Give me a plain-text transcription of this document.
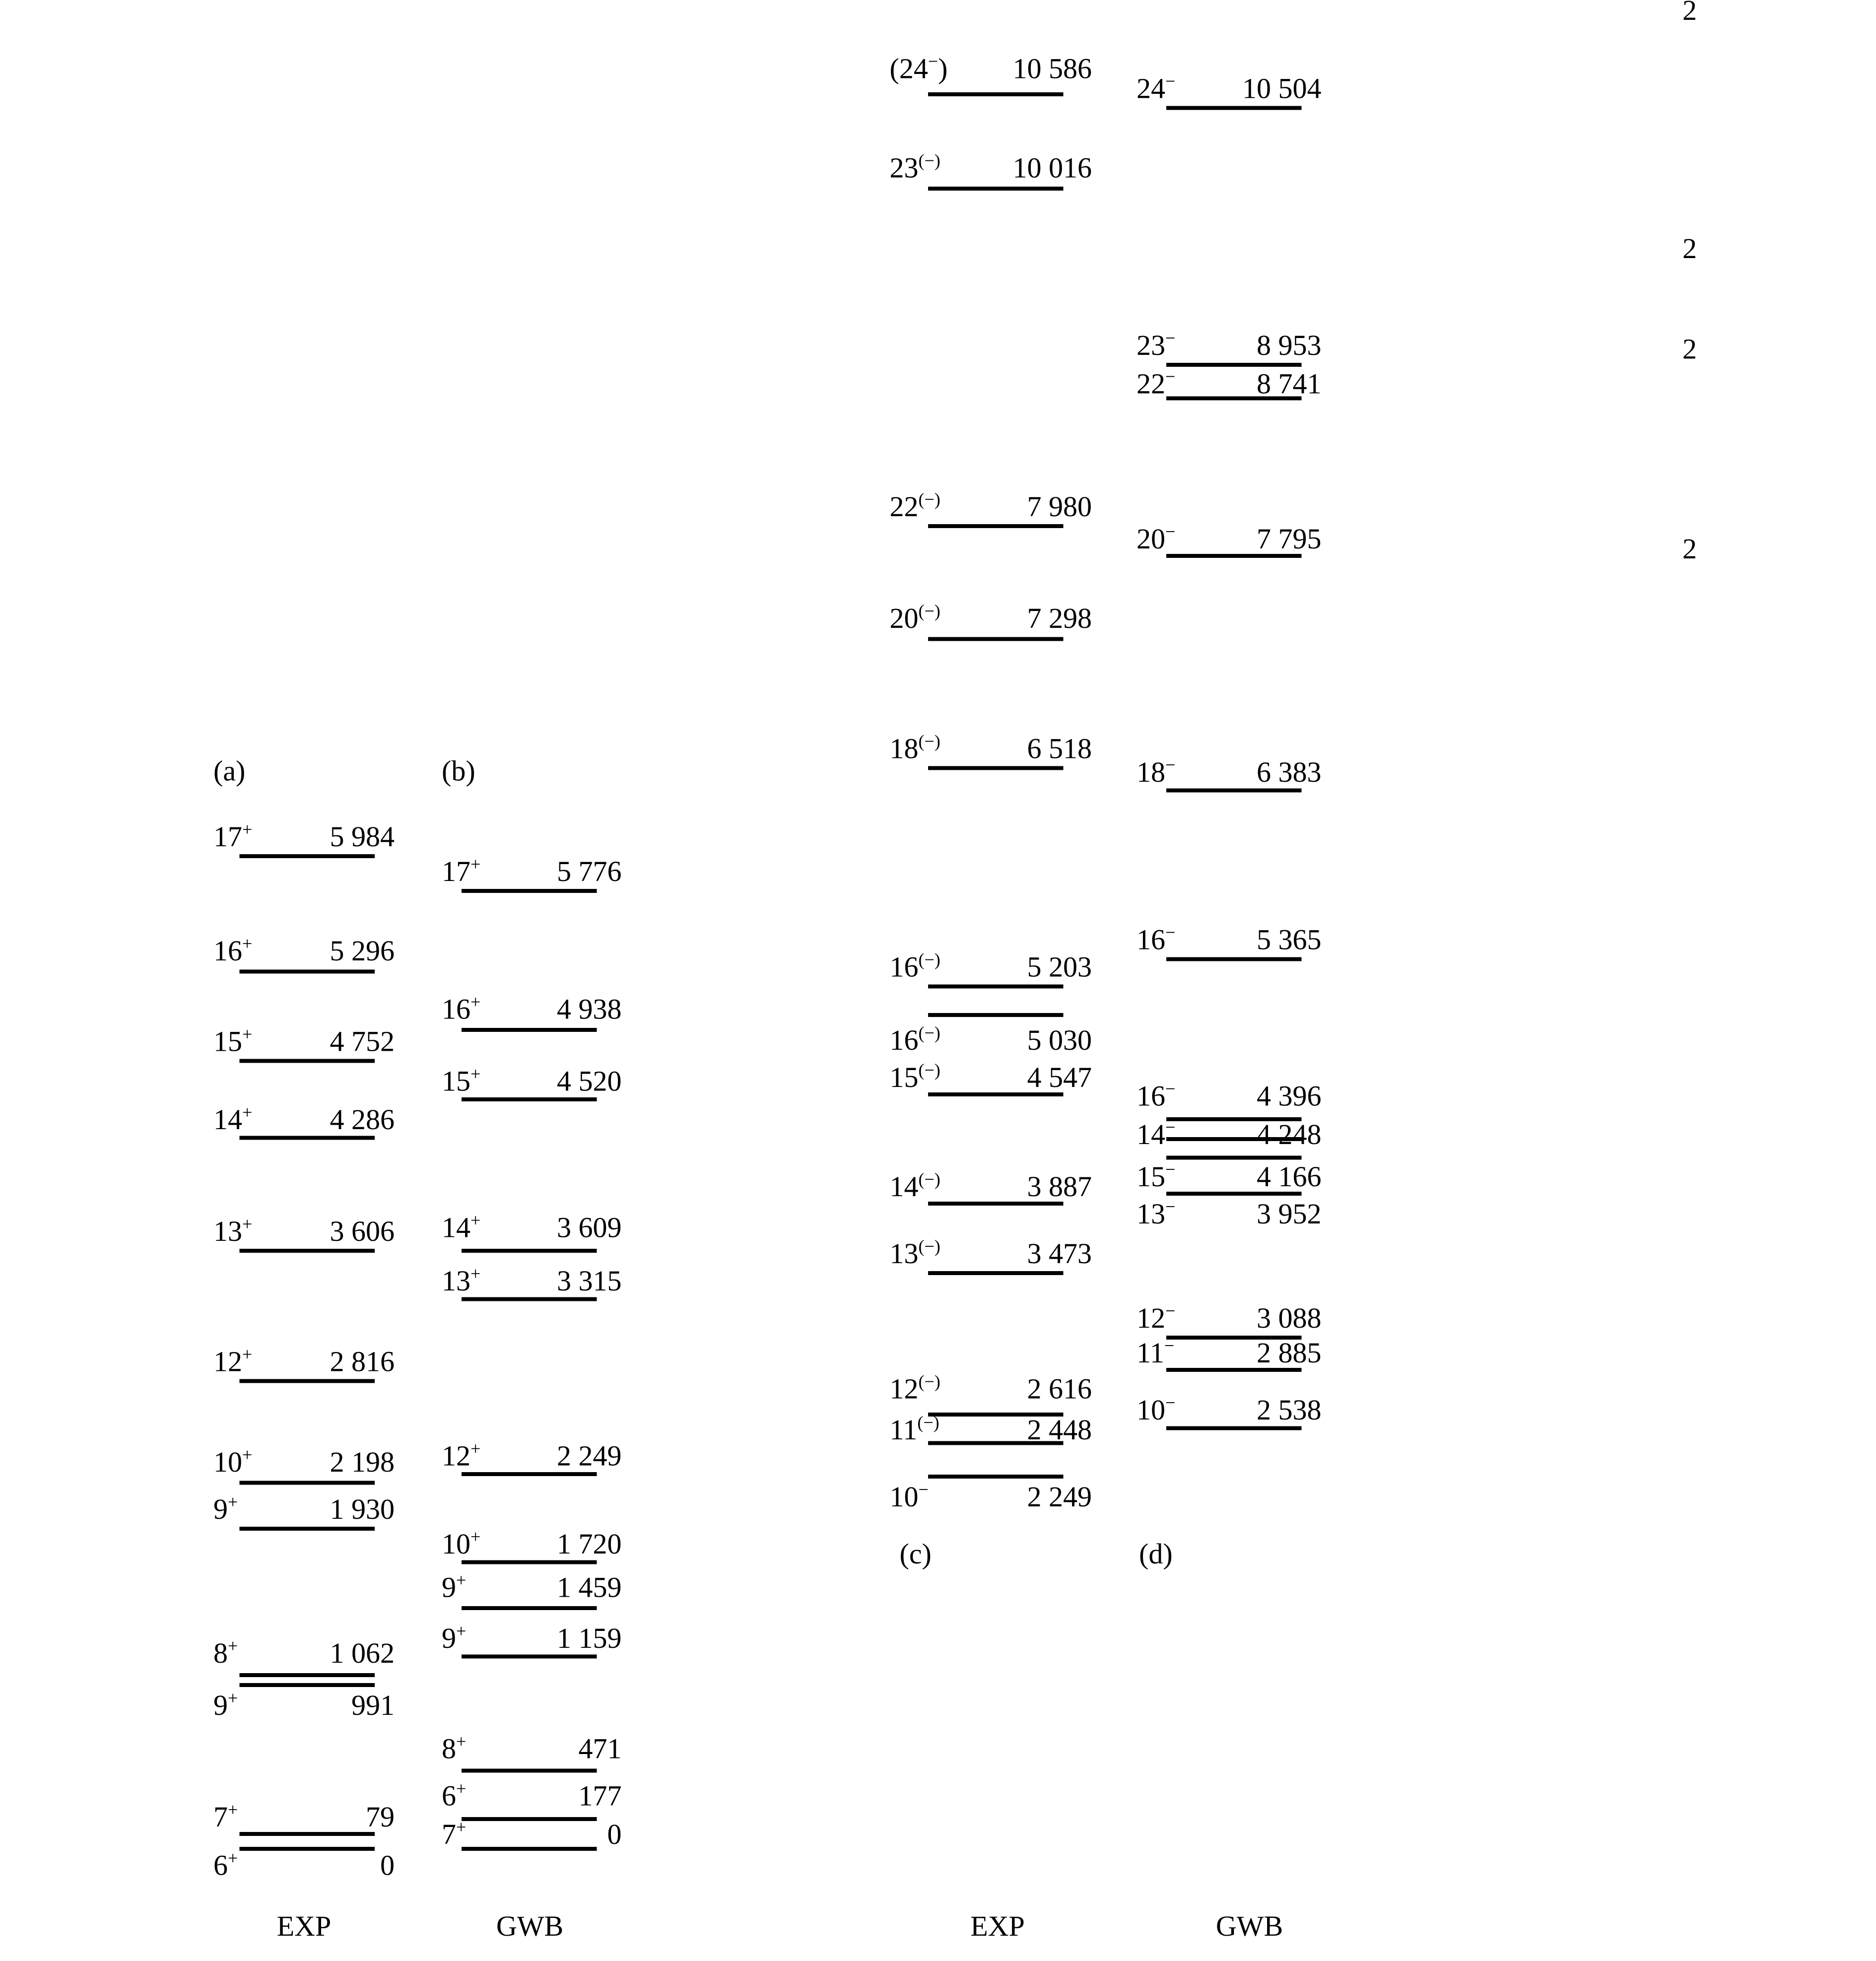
(a)
EXP
17+	5 984
16+	5 296
15+	4 752
14+	4 286
13+	3 606
12+	2 816
10+	2 198
9+	1 930
8+	1 062
9+	991
7+	79
6+	0
(b)
GWB
17+	5 776
16+	4 938
15+	4 520
14+	3 609
13+	3 315
12+	2 249
10+	1 720
9+	1 459
9+	1 159
8+	471
6+	177
7+	0
(c)
EXP
(24−) 10 586
23(−)	10 016
22(−)	7 980
20(−)	7 298
18(−)	6 518
16(−)	5 203
16(−)	5 030
15(−)	4 547
14(−)	3 887
13(−)	3 473
12(−)	2 616
11(−)	2 448
10−	2 249
(d)
GWB
24− 10 504
23−	8 953
22−	8 741
20−	7 795
18−	6 383
16−	5 365
16−	4 396
14−	4 248
15−	4 166
13−	3 952
12−	3 088
11−	2 885
10−	2 538
2
2
2
2
